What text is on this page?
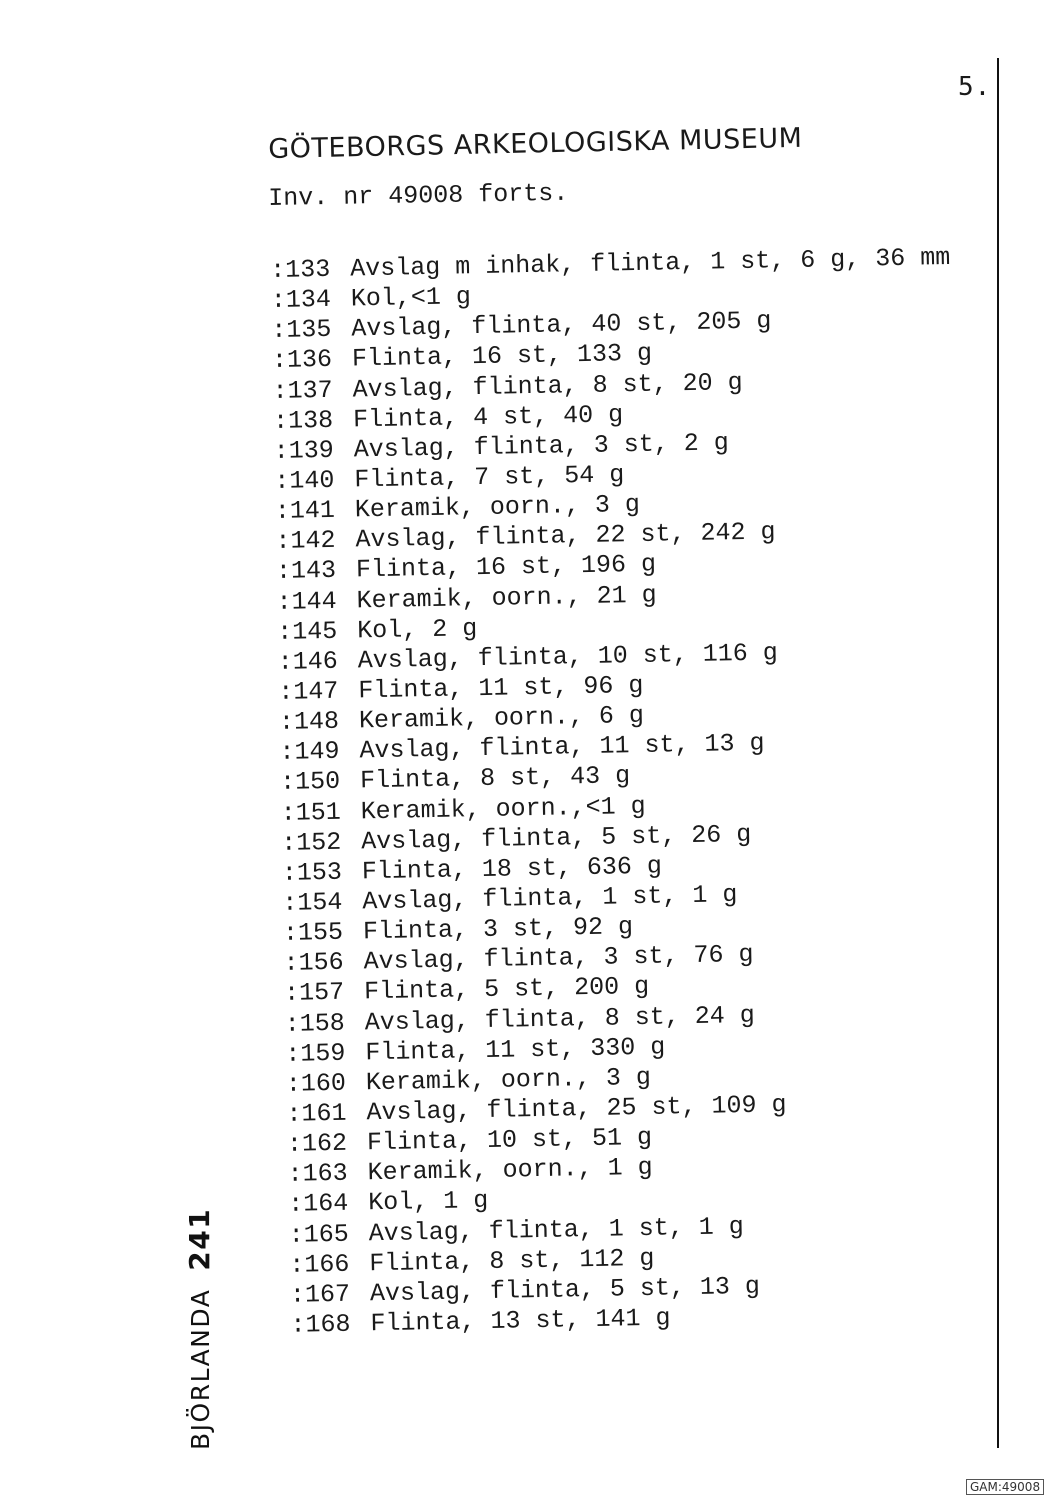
5.
GÖTEBORGS ARKEOLOGISKA MUSEUM
Inv. nr 49008 forts.
:133 Avslag m inhak, flinta, 1 st, 6 g, 36 mm
:134 Kol,<1 g
:135 Avslag, flinta, 40 st, 205 g
:136 Flinta, 16 st, 133 g
:137 Avslag, flinta, 8 st, 20 g
:138 Flinta, 4 st, 40 g
:139 Avslag, flinta, 3 st, 2 g
:140 Flinta, 7 st, 54 g
:141 Keramik, oorn., 3 g
:142 Avslag, flinta, 22 st, 242 g
:143 Flinta, 16 st, 196 g
:144 Keramik, oorn., 21 g
:145 Kol, 2 g
:146 Avslag, flinta, 10 st, 116 g
:147 Flinta, 11 st, 96 g
:148 Keramik, oorn., 6 g
:149 Avslag, flinta, 11 st, 13 g
:150 Flinta, 8 st, 43 g
:151 Keramik, oorn.,<1 g
:152 Avslag, flinta, 5 st, 26 g
:153 Flinta, 18 st, 636 g
:154 Avslag, flinta, 1 st, 1 g
:155 Flinta, 3 st, 92 g
:156 Avslag, flinta, 3 st, 76 g
:157 Flinta, 5 st, 200 g
:158 Avslag, flinta, 8 st, 24 g
:159 Flinta, 11 st, 330 g
:160 Keramik, oorn., 3 g
:161 Avslag, flinta, 25 st, 109 g
:162 Flinta, 10 st, 51 g
:163 Keramik, oorn., 1 g
:164 Kol, 1 g
:165 Avslag, flinta, 1 st, 1 g
:166 Flinta, 8 st, 112 g
:167 Avslag, flinta, 5 st, 13 g
:168 Flinta, 13 st, 141 g
BJÖRLANDA241
GAM:49008
